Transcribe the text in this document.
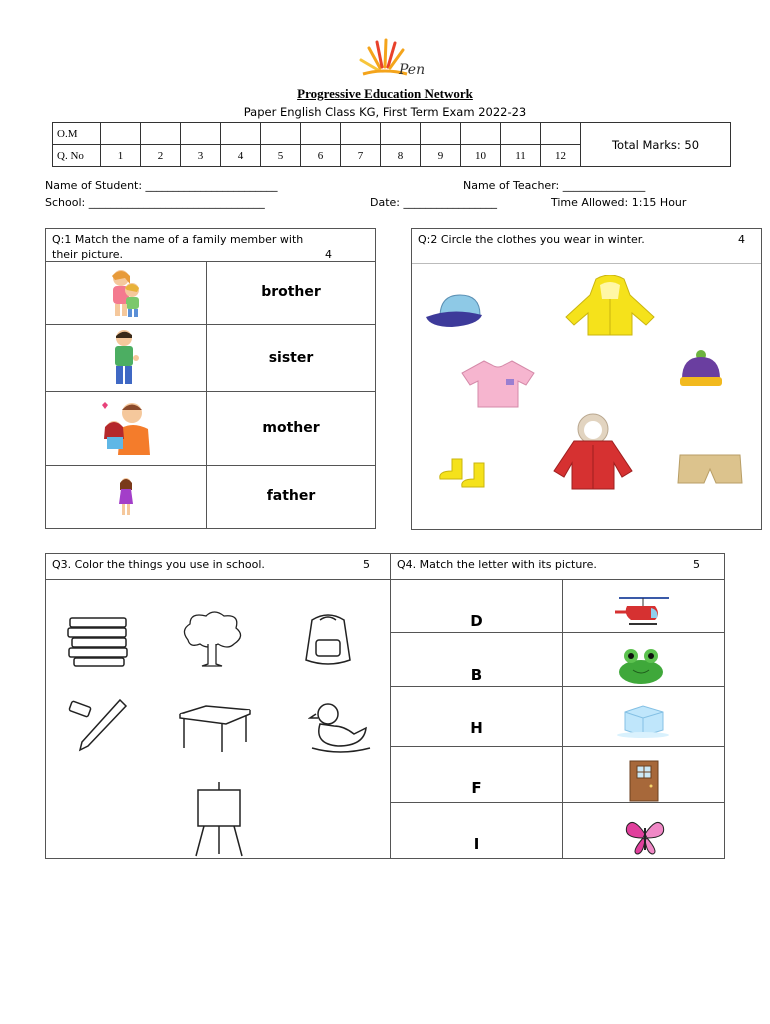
Pen
Progressive Education Network
Paper English Class KG, First Term Exam 2022-23
O.M													Total Marks: 50
Q. No	1	2	3	4	5	6	7	8	9	10	11	12	
Name of Student: ________________________	Name of Teacher: _______________
School: ________________________________	Date: _________________	Time Allowed: 1:15 Hour
Q:1 Match the name of a family member with
their picture.	4
brother
sister
mother
father
Q:2 Circle the clothes you wear in winter.	4
Q3. Color the things you use in school.	5 Q4. Match the letter with its picture.	5
D
B
H
F
I
